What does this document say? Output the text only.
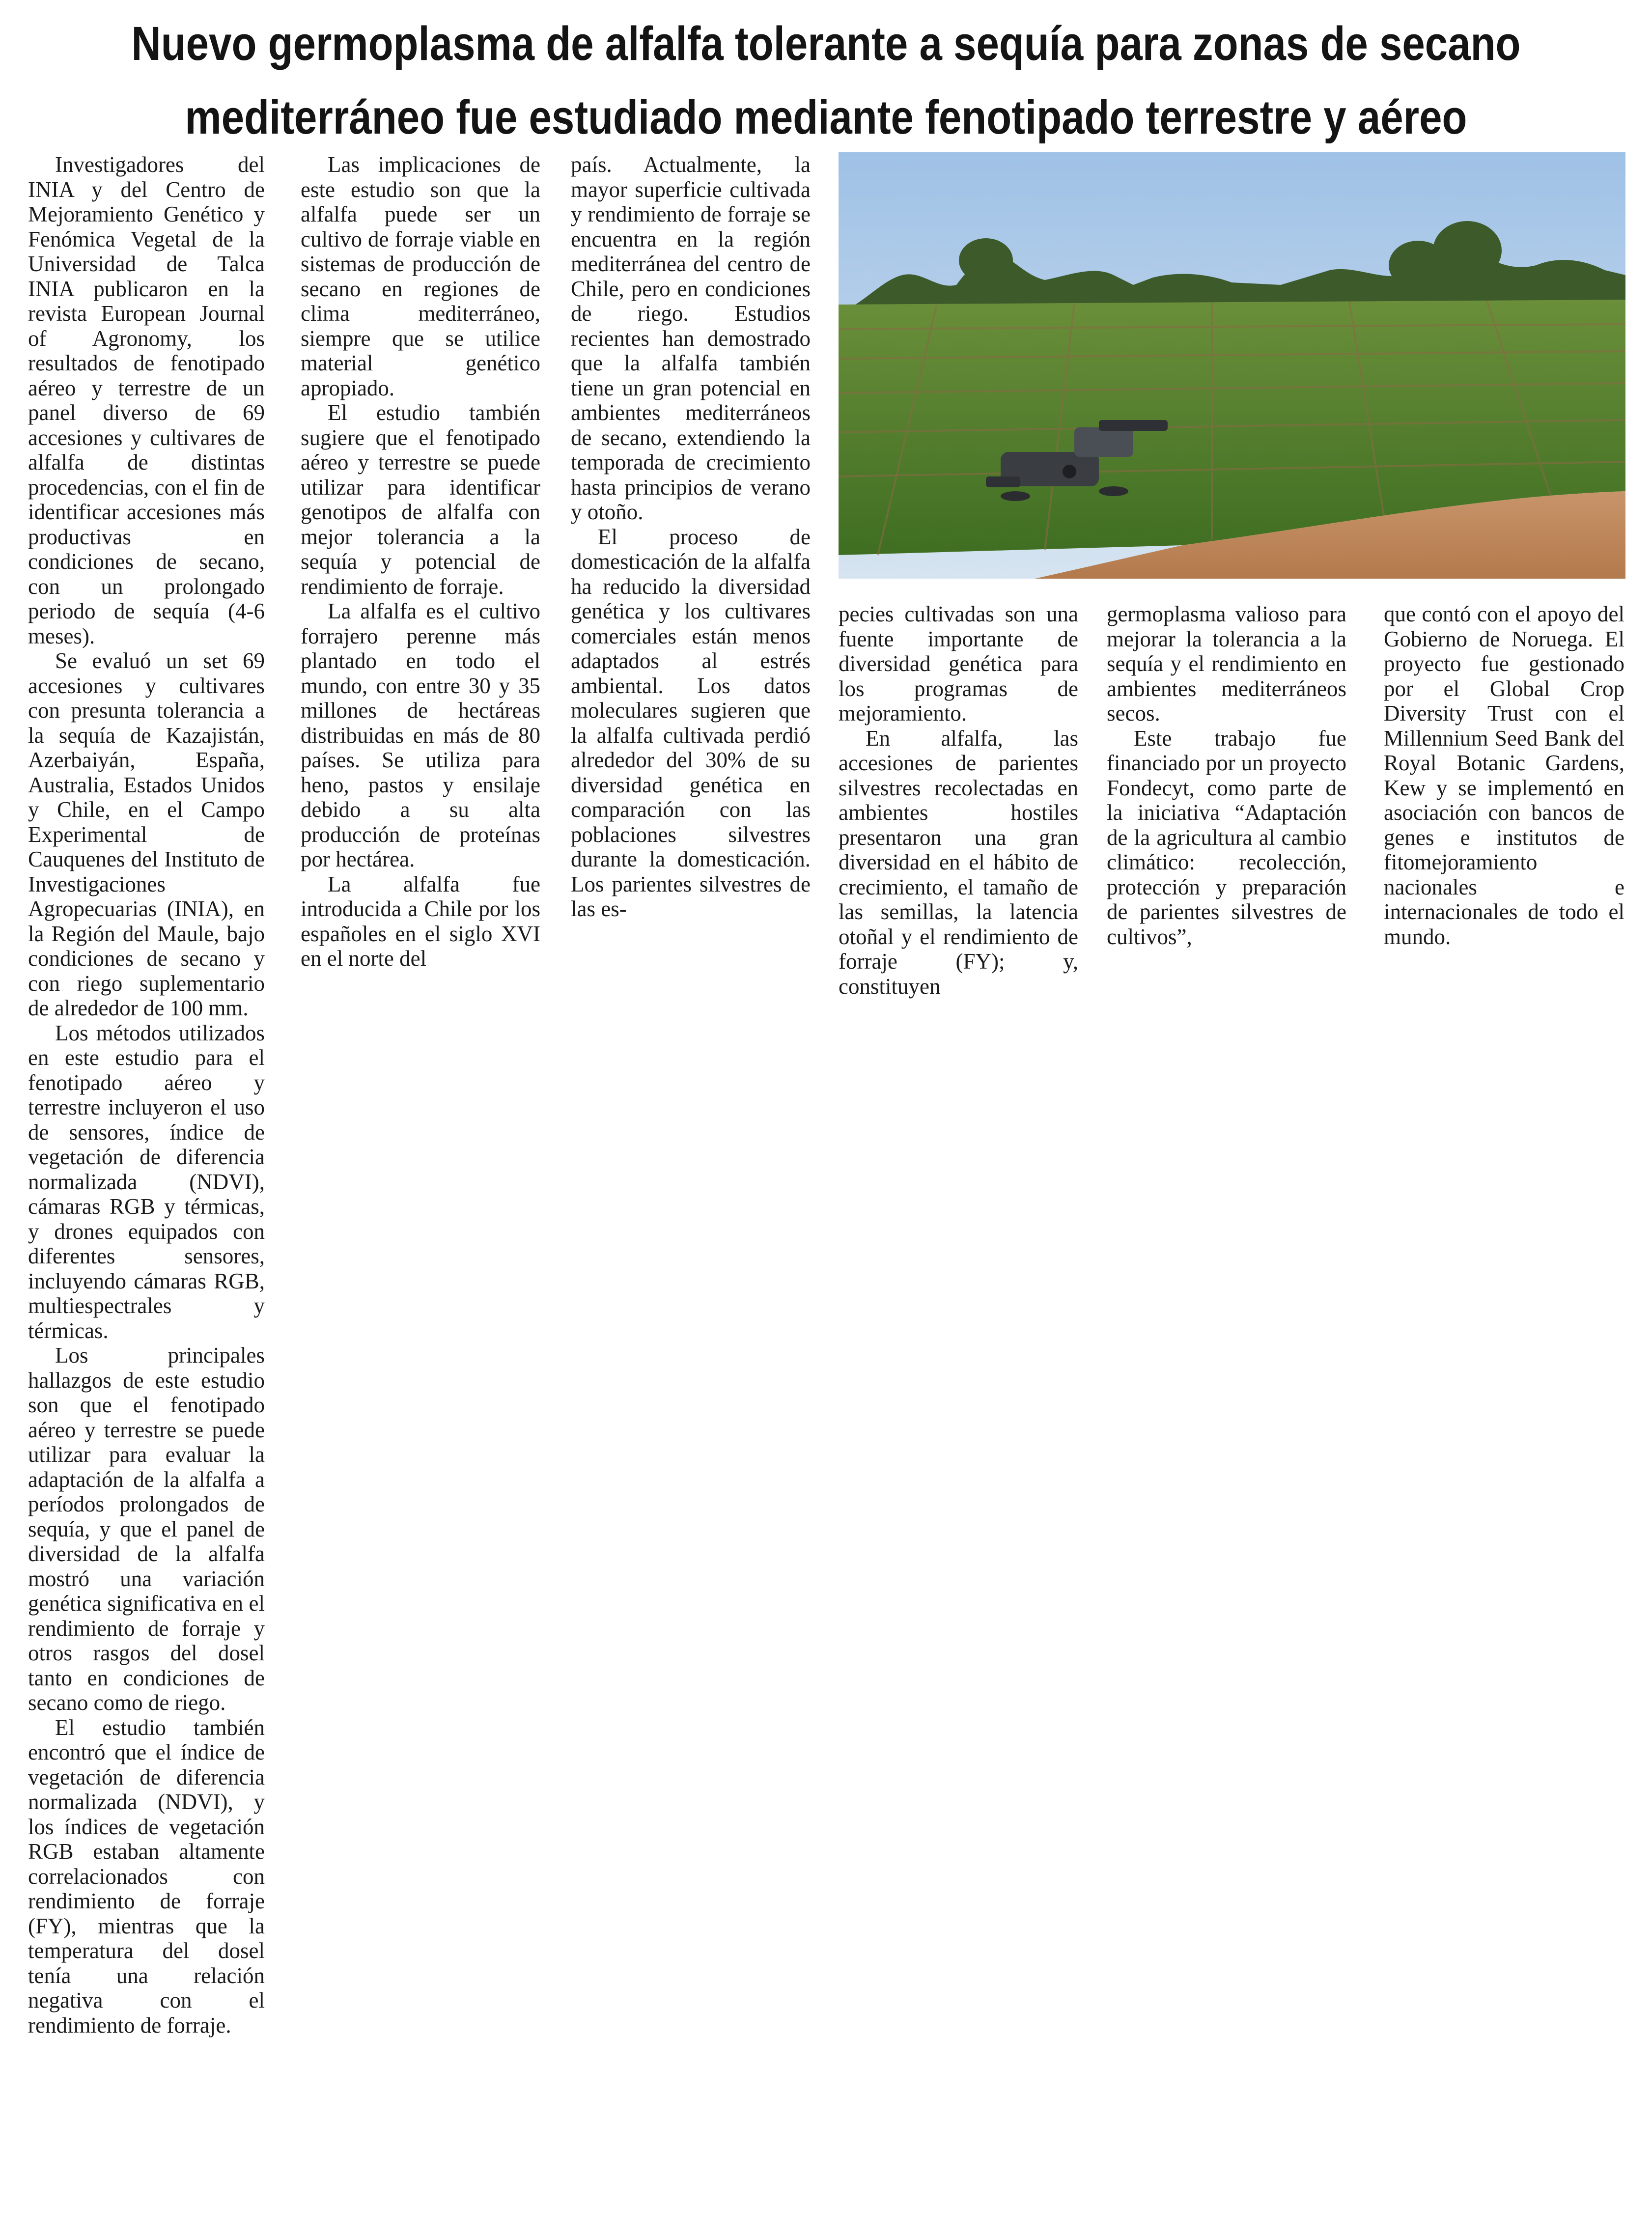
Nuevo germoplasma de alfalfa tolerante a sequía para zonas de secano
mediterráneo fue estudiado mediante fenotipado terrestre y aéreo

Investigadores del INIA y del Centro de Mejoramiento Genético y Fenómica Vegetal de la Universidad de Talca INIA publicaron en la revista European Journal of Agronomy, los resultados de fenotipado aéreo y terrestre de un panel diverso de 69 accesiones y cultivares de alfalfa de distintas procedencias, con el fin de identificar accesiones más productivas en condiciones de secano, con un prolongado periodo de sequía (4-6 meses).

Se evaluó un set 69 accesiones y cultivares con presunta tolerancia a la sequía de Kazajistán, Azerbaiyán, España, Australia, Estados Unidos y Chile, en el Campo Experimental de Cauquenes del Instituto de Investigaciones Agropecuarias (INIA), en la Región del Maule, bajo condiciones de secano y con riego suplementario de alrededor de 100 mm.

Los métodos utilizados en este estudio para el fenotipado aéreo y terrestre incluyeron el uso de sensores, índice de vegetación de diferencia normalizada (NDVI), cámaras RGB y térmicas, y drones equipados con diferentes sensores, incluyendo cámaras RGB, multiespectrales y térmicas.

Los principales hallazgos de este estudio son que el fenotipado aéreo y terrestre se puede utilizar para evaluar la adaptación de la alfalfa a períodos prolongados de sequía, y que el panel de diversidad de la alfalfa mostró una variación genética significativa en el rendimiento de forraje y otros rasgos del dosel tanto en condiciones de secano como de riego.

El estudio también encontró que el índice de vegetación de diferencia normalizada (NDVI), y los índices de vegetación RGB estaban altamente correlacionados con rendimiento de forraje (FY), mientras que la temperatura del dosel tenía una relación negativa con el rendimiento de forraje.

Las implicaciones de este estudio son que la alfalfa puede ser un cultivo de forraje viable en sistemas de producción de secano en regiones de clima mediterráneo, siempre que se utilice material genético apropiado.

El estudio también sugiere que el fenotipado aéreo y terrestre se puede utilizar para identificar genotipos de alfalfa con mejor tolerancia a la sequía y potencial de rendimiento de forraje.

La alfalfa es el cultivo forrajero perenne más plantado en todo el mundo, con entre 30 y 35 millones de hectáreas distribuidas en más de 80 países. Se utiliza para heno, pastos y ensilaje debido a su alta producción de proteínas por hectárea.

La alfalfa fue introducida a Chile por los españoles en el siglo XVI en el norte del

país. Actualmente, la mayor superficie cultivada y rendimiento de forraje se encuentra en la región mediterránea del centro de Chile, pero en condiciones de riego. Estudios recientes han demostrado que la alfalfa también tiene un gran potencial en ambientes mediterráneos de secano, extendiendo la temporada de crecimiento hasta principios de verano y otoño.

El proceso de domesticación de la alfalfa ha reducido la diversidad genética y los cultivares comerciales están menos adaptados al estrés ambiental. Los datos moleculares sugieren que la alfalfa cultivada perdió alrededor del 30% de su diversidad genética en comparación con las poblaciones silvestres durante la domesticación. Los parientes silvestres de las es-

pecies cultivadas son una fuente importante de diversidad genética para los programas de mejoramiento.

En alfalfa, las accesiones de parientes silvestres recolectadas en ambientes hostiles presentaron una gran diversidad en el hábito de crecimiento, el tamaño de las semillas, la latencia otoñal y el rendimiento de forraje (FY); y, constituyen

germoplasma valioso para mejorar la tolerancia a la sequía y el rendimiento en ambientes mediterráneos secos.

Este trabajo fue financiado por un proyecto Fondecyt, como parte de la iniciativa “Adaptación de la agricultura al cambio climático: recolección, protección y preparación de parientes silvestres de cultivos”,

que contó con el apoyo del Gobierno de Noruega. El proyecto fue gestionado por el Global Crop Diversity Trust con el Millennium Seed Bank del Royal Botanic Gardens, Kew y se implementó en asociación con bancos de genes e institutos de fitomejoramiento nacionales e internacionales de todo el mundo.
